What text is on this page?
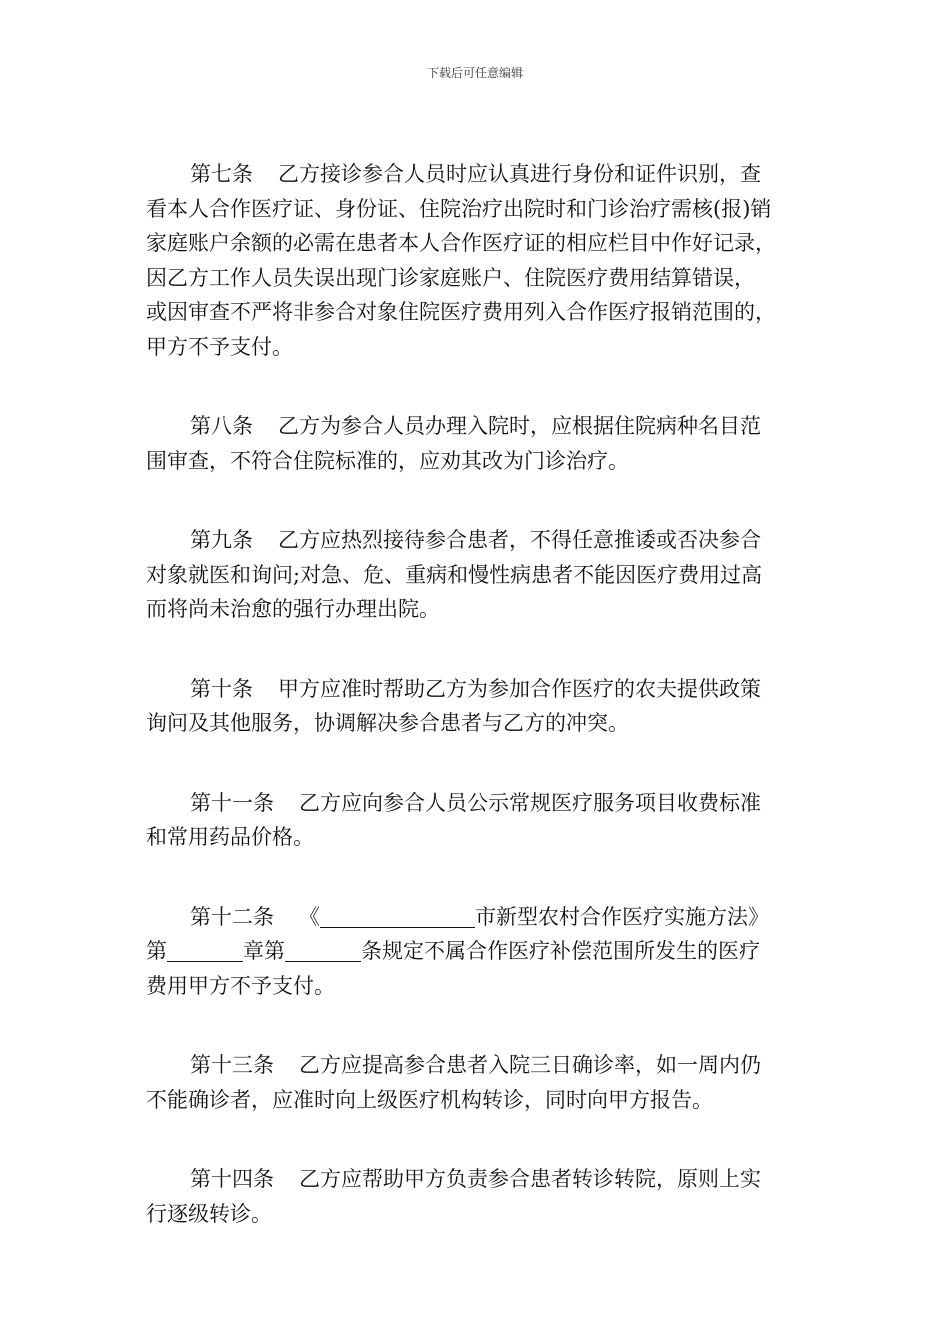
下载后可任意编辑
第七条 乙方接诊参合人员时应认真进行身份和证件识别，查
看本人合作医疗证、身份证、住院治疗出院时和门诊治疗需核(报)销
家庭账户余额的必需在患者本人合作医疗证的相应栏目中作好记录，
因乙方工作人员失误出现门诊家庭账户、住院医疗费用结算错误，
或因审查不严将非参合对象住院医疗费用列入合作医疗报销范围的，
甲方不予支付。
第八条 乙方为参合人员办理入院时，应根据住院病种名目范
围审查，不符合住院标准的，应劝其改为门诊治疗。
第九条 乙方应热烈接待参合患者，不得任意推诿或否决参合
对象就医和询问;对急、危、重病和慢性病患者不能因医疗费用过高
而将尚未治愈的强行办理出院。
第十条 甲方应准时帮助乙方为参加合作医疗的农夫提供政策
询问及其他服务，协调解决参合患者与乙方的冲突。
第十一条 乙方应向参合人员公示常规医疗服务项目收费标准
和常用药品价格。
第十二条 《	市新型农村合作医疗实施方法》
第	章第	条规定不属合作医疗补偿范围所发生的医疗
费用甲方不予支付。
第十三条 乙方应提高参合患者入院三日确诊率，如一周内仍
不能确诊者，应准时向上级医疗机构转诊，同时向甲方报告。
第十四条 乙方应帮助甲方负责参合患者转诊转院，原则上实
行逐级转诊。
